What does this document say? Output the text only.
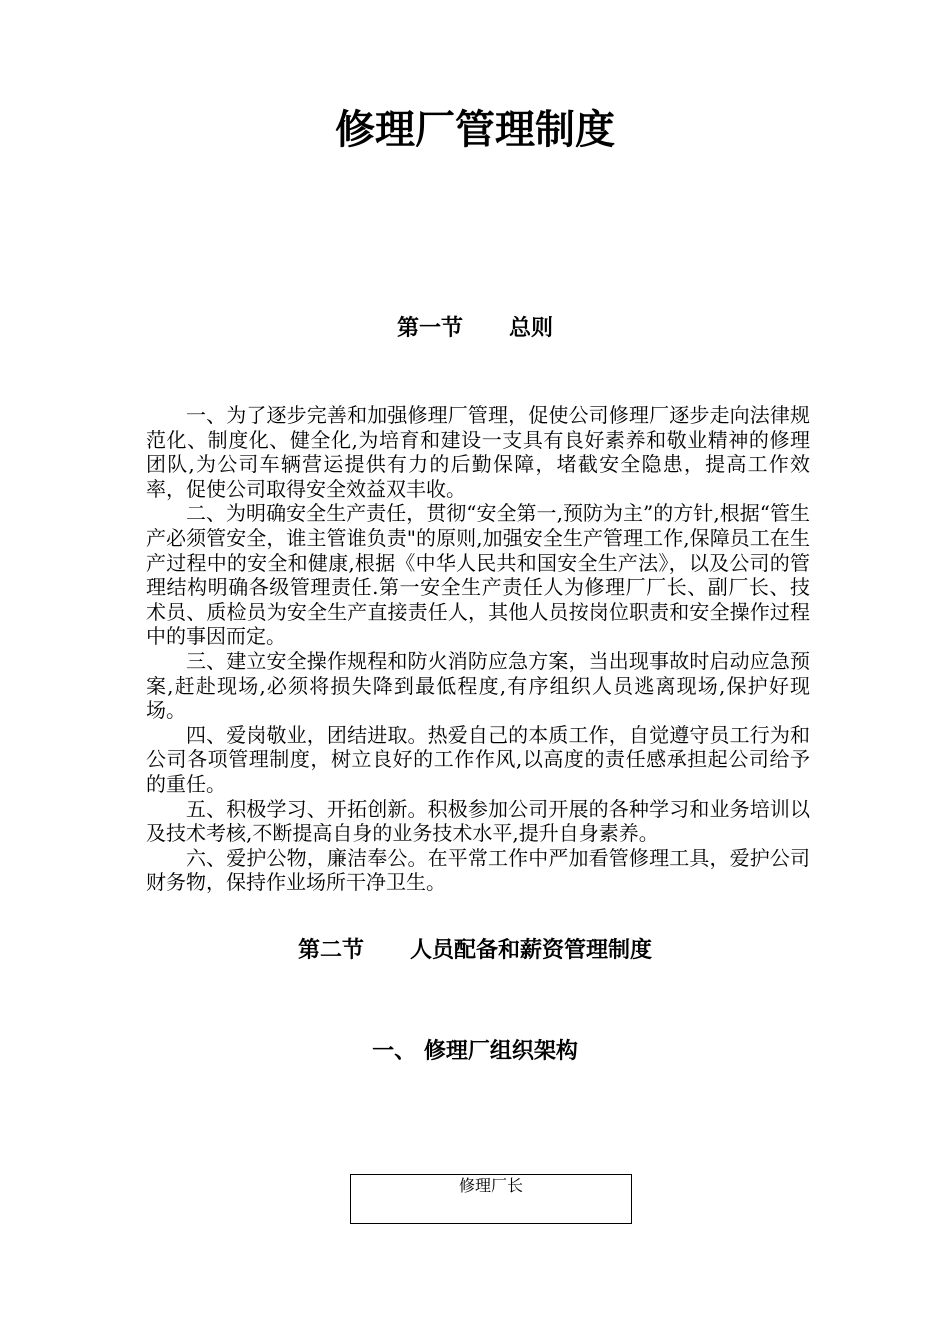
修理厂管理制度
第一节      总则

一、为了逐步完善和加强修理厂管理，促使公司修理厂逐步走向法律规范化、制度化、健全化,为培育和建设一支具有良好素养和敬业精神的修理团队,为公司车辆营运提供有力的后勤保障，堵截安全隐患，提高工作效率，促使公司取得安全效益双丰收。

二、为明确安全生产责任，贯彻“安全第一,预防为主”的方针,根据“管生产必须管安全，谁主管谁负责"的原则,加强安全生产管理工作,保障员工在生产过程中的安全和健康,根据《中华人民共和国安全生产法》，以及公司的管理结构明确各级管理责任.第一安全生产责任人为修理厂厂长、副厂长、技术员、质检员为安全生产直接责任人，其他人员按岗位职责和安全操作过程中的事因而定。

三、建立安全操作规程和防火消防应急方案，当出现事故时启动应急预案,赶赴现场,必须将损失降到最低程度,有序组织人员逃离现场,保护好现场。

四、爱岗敬业，团结进取。热爱自己的本质工作，自觉遵守员工行为和公司各项管理制度，树立良好的工作作风,以高度的责任感承担起公司给予的重任。

五、积极学习、开拓创新。积极参加公司开展的各种学习和业务培训以及技术考核,不断提高自身的业务技术水平,提升自身素养。

六、爱护公物，廉洁奉公。在平常工作中严加看管修理工具，爱护公司财务物，保持作业场所干净卫生。

第二节      人员配备和薪资管理制度
一、 修理厂组织架构
修理厂长
